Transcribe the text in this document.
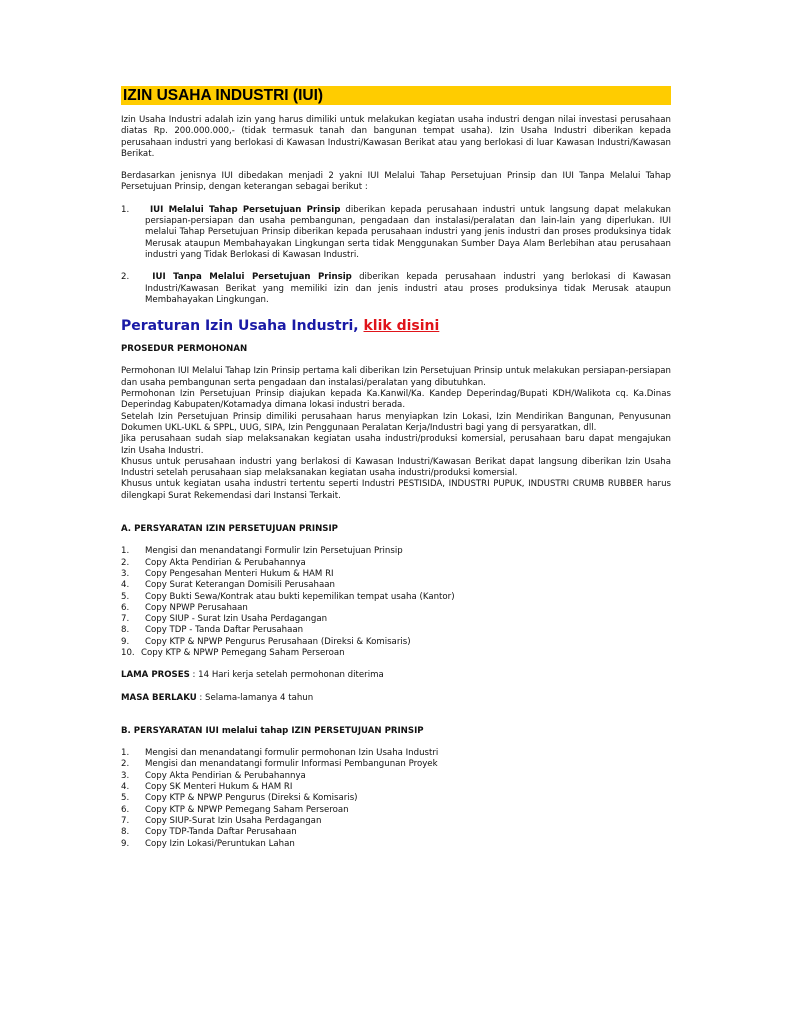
IZIN USAHA INDUSTRI (IUI)

Izin Usaha Industri adalah izin yang harus dimiliki untuk melakukan kegiatan usaha industri dengan nilai investasi perusahaan diatas Rp. 200.000.000,- (tidak termasuk tanah dan bangunan tempat usaha). Izin Usaha Industri diberikan kepada perusahaan industri yang berlokasi di Kawasan Industri/Kawasan Berikat atau yang berlokasi di luar Kawasan Industri/Kawasan Berikat.

Berdasarkan jenisnya IUI dibedakan menjadi 2 yakni IUI Melalui Tahap Persetujuan Prinsip dan IUI Tanpa Melalui Tahap Persetujuan Prinsip, dengan keterangan sebagai berikut :

1.	IUI Melalui Tahap Persetujuan Prinsip diberikan kepada perusahaan industri untuk langsung dapat melakukan persiapan-persiapan dan usaha pembangunan, pengadaan dan instalasi/peralatan dan lain-lain yang diperlukan. IUI melalui Tahap Persetujuan Prinsip diberikan kepada perusahaan industri yang jenis industri dan proses produksinya tidak Merusak ataupun Membahayakan Lingkungan serta tidak Menggunakan Sumber Daya Alam Berlebihan atau perusahaan industri yang Tidak Berlokasi di Kawasan Industri.
2.	IUI Tanpa Melalui Persetujuan Prinsip diberikan kepada perusahaan industri yang berlokasi di Kawasan Industri/Kawasan Berikat yang memiliki izin dan jenis industri atau proses produksinya tidak Merusak ataupun Membahayakan Lingkungan.
Peraturan Izin Usaha Industri, klik disini
PROSEDUR PERMOHONAN

Permohonan IUI Melalui Tahap Izin Prinsip pertama kali diberikan Izin Persetujuan Prinsip untuk melakukan persiapan-persiapan dan usaha pembangunan serta pengadaan dan instalasi/peralatan yang dibutuhkan.

Permohonan Izin Persetujuan Prinsip diajukan kepada Ka.Kanwil/Ka. Kandep Deperindag/Bupati KDH/Walikota cq. Ka.Dinas Deperindag Kabupaten/Kotamadya dimana lokasi industri berada.

Setelah Izin Persetujuan Prinsip dimiliki perusahaan harus menyiapkan Izin Lokasi, Izin Mendirikan Bangunan, Penyusunan Dokumen UKL-UKL & SPPL, UUG, SIPA, Izin Penggunaan Peralatan Kerja/Industri bagi yang di persyaratkan, dll.

Jika perusahaan sudah siap melaksanakan kegiatan usaha industri/produksi komersial, perusahaan baru dapat mengajukan Izin Usaha Industri.

Khusus untuk perusahaan industri yang berlakosi di Kawasan Industri/Kawasan Berikat dapat langsung diberikan Izin Usaha Industri setelah perusahaan siap melaksanakan kegiatan usaha industri/produksi komersial.

Khusus untuk kegiatan usaha industri tertentu seperti Industri PESTISIDA, INDUSTRI PUPUK, INDUSTRI CRUMB RUBBER harus dilengkapi Surat Rekemendasi dari Instansi Terkait.

A. PERSYARATAN IZIN PERSETUJUAN PRINSIP
1.	Mengisi dan menandatangi Formulir Izin Persetujuan Prinsip
2.	Copy Akta Pendirian & Perubahannya
3.	Copy Pengesahan Menteri Hukum & HAM RI
4.	Copy Surat Keterangan Domisili Perusahaan
5.	Copy Bukti Sewa/Kontrak atau bukti kepemilikan tempat usaha (Kantor)
6.	Copy NPWP Perusahaan
7.	Copy SIUP - Surat Izin Usaha Perdagangan
8.	Copy TDP - Tanda Daftar Perusahaan
9.	Copy KTP & NPWP Pengurus Perusahaan (Direksi & Komisaris)
10. Copy KTP & NPWP Pemegang Saham Perseroan
LAMA PROSES : 14 Hari kerja setelah permohonan diterima
MASA BERLAKU : Selama-lamanya 4 tahun
B. PERSYARATAN IUI melalui tahap IZIN PERSETUJUAN PRINSIP
1.	Mengisi dan menandatangi formulir permohonan Izin Usaha Industri
2.	Mengisi dan menandatangi formulir Informasi Pembangunan Proyek
3.	Copy Akta Pendirian & Perubahannya
4.	Copy SK Menteri Hukum & HAM RI
5.	Copy KTP & NPWP Pengurus (Direksi & Komisaris)
6.	Copy KTP & NPWP Pemegang Saham Perseroan
7.	Copy SIUP-Surat Izin Usaha Perdagangan
8.	Copy TDP-Tanda Daftar Perusahaan
9.	Copy Izin Lokasi/Peruntukan Lahan
